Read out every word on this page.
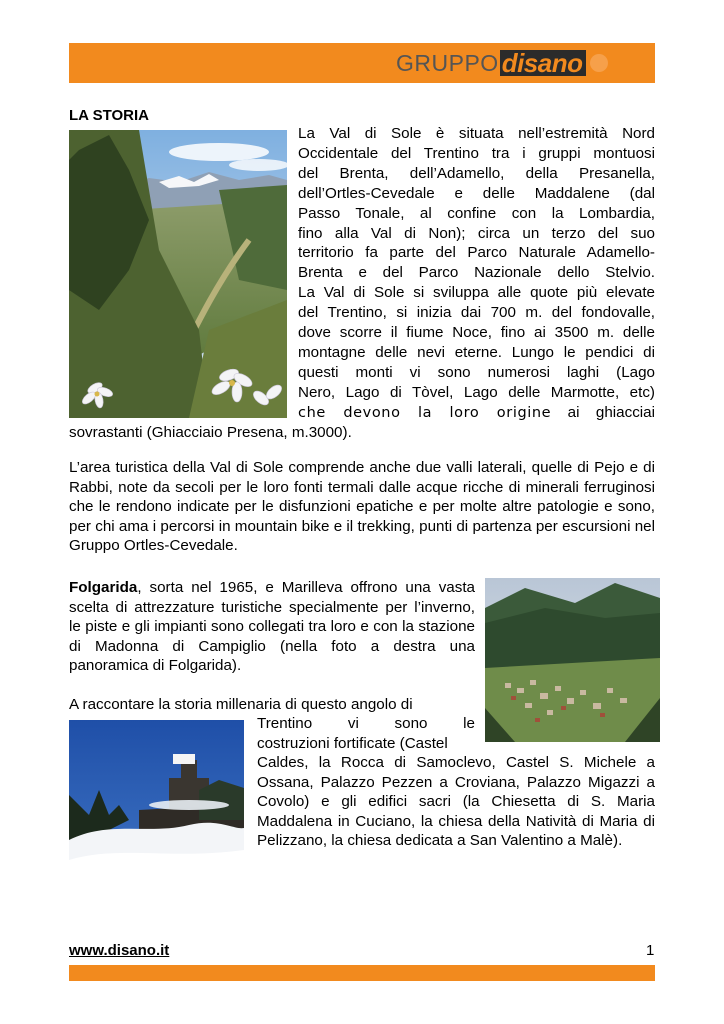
GRUPPO disano
LA STORIA
La Val di Sole è situata nell’estremità Nord
Occidentale del Trentino tra i gruppi montuosi
del Brenta, dell’Adamello, della Presanella,
dell’Ortles-Cevedale e delle Maddalene (dal
Passo Tonale, al confine con la Lombardia,
fino alla Val di Non); circa un terzo del suo
territorio fa parte del Parco Naturale Adamello-
Brenta e del Parco Nazionale dello Stelvio.
La Val di Sole si sviluppa alle quote più elevate
del Trentino, si inizia dai 700 m. del fondovalle,
dove scorre il fiume Noce, fino ai 3500 m. delle
montagne delle nevi eterne. Lungo le pendici di
questi monti vi sono numerosi laghi (Lago
Nero, Lago di Tòvel, Lago delle Marmotte, etc)
che devono la loro origine ai ghiacciai
sovrastanti (Ghiacciaio Presena, m.3000).
L’area turistica della Val di Sole comprende anche due valli laterali, quelle di Pejo e di Rabbi, note da secoli per le loro fonti termali dalle acque ricche di minerali ferruginosi che le rendono indicate per le disfunzioni epatiche e per molte altre patologie e sono, per chi ama i percorsi in mountain bike e il trekking, punti di partenza per escursioni nel Gruppo Ortles-Cevedale.
Folgarida, sorta nel 1965, e Marilleva offrono una vasta scelta di attrezzature turistiche specialmente per l’inverno, le piste e gli impianti sono collegati tra loro e con la stazione di Madonna di Campiglio (nella foto a destra una panoramica di Folgarida).
A raccontare la storia millenaria di questo angolo di
Trentino vi sono le
costruzioni fortificate (Castel
Caldes, la Rocca di Samoclevo, Castel S. Michele a Ossana, Palazzo Pezzen a Croviana, Palazzo Migazzi a Covolo) e gli edifici sacri (la Chiesetta di S. Maria Maddalena in Cuciano, la chiesa della Natività di Maria di Pelizzano, la chiesa dedicata a San Valentino a Malè).
www.disano.it	1
